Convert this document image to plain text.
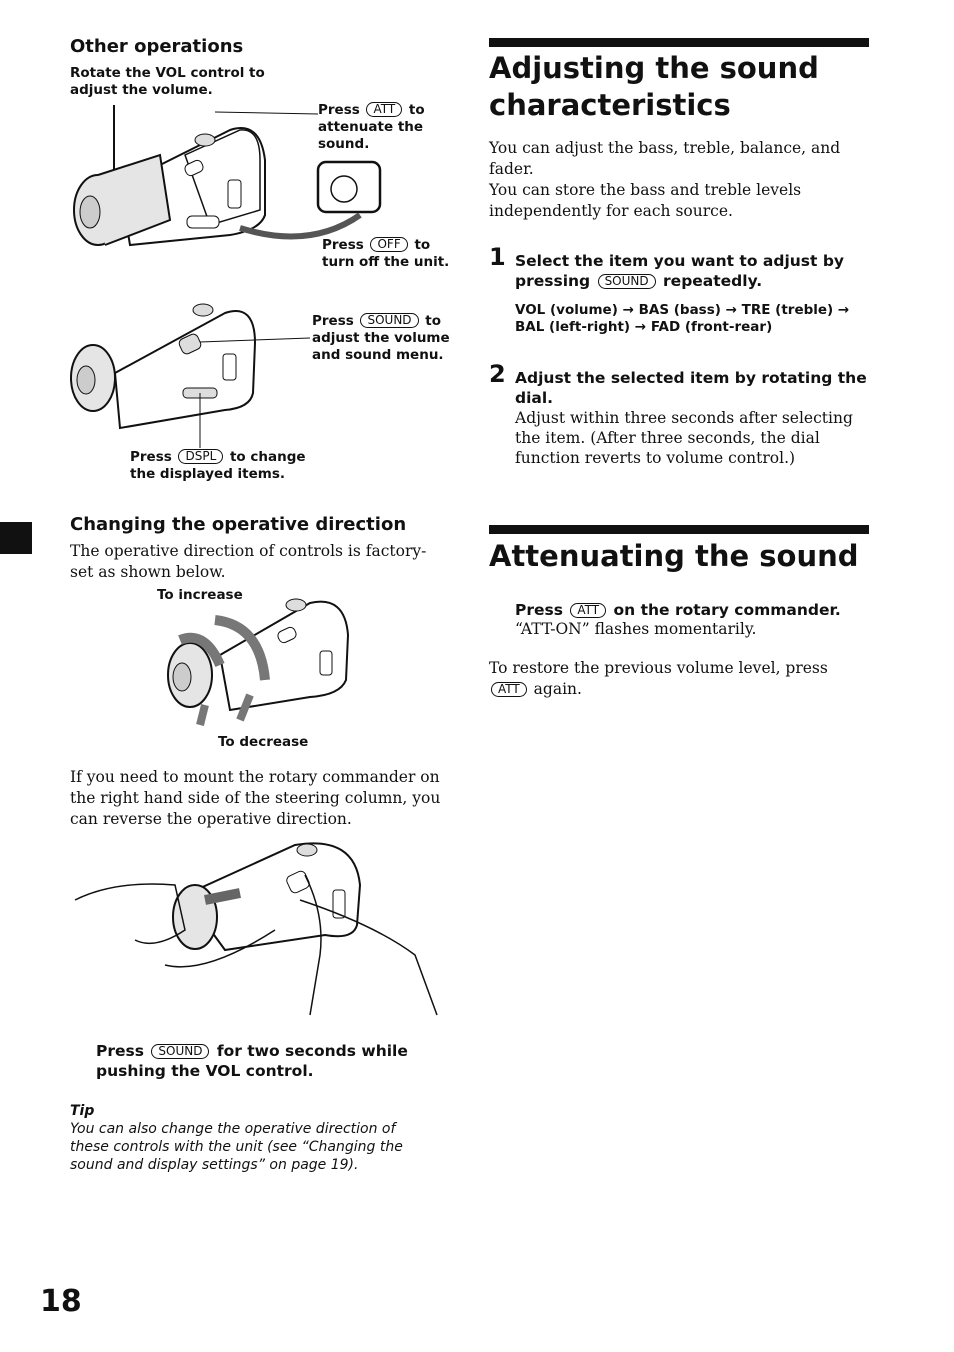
Other operations
Rotate the VOL control to
adjust the volume.
Press ATT to
attenuate the
sound.
Press OFF to
turn off the unit.
Press SOUND to
adjust the volume
and sound menu.
Press DSPL to change
the displayed items.
Changing the operative direction
The operative direction of controls is factory-
set as shown below.
To increase
To decrease
If you need to mount the rotary commander on
the right hand side of the steering column, you
can reverse the operative direction.
Press SOUND for two seconds while
pushing the VOL control.
Tip
You can also change the operative direction of
these controls with the unit (see “Changing the
sound and display settings” on page 19).
18
Adjusting the sound
characteristics
You can adjust the bass, treble, balance, and
fader.
You can store the bass and treble levels
independently for each source.
1 Select the item you want to adjust by
pressing SOUND repeatedly.
VOL (volume) → BAS (bass) → TRE (treble) →
BAL (left-right) → FAD (front-rear)
2 Adjust the selected item by rotating the
dial.
Adjust within three seconds after selecting
the item. (After three seconds, the dial
function reverts to volume control.)
Attenuating the sound
Press ATT on the rotary commander.
“ATT-ON” flashes momentarily.
To restore the previous volume level, press
ATT again.
